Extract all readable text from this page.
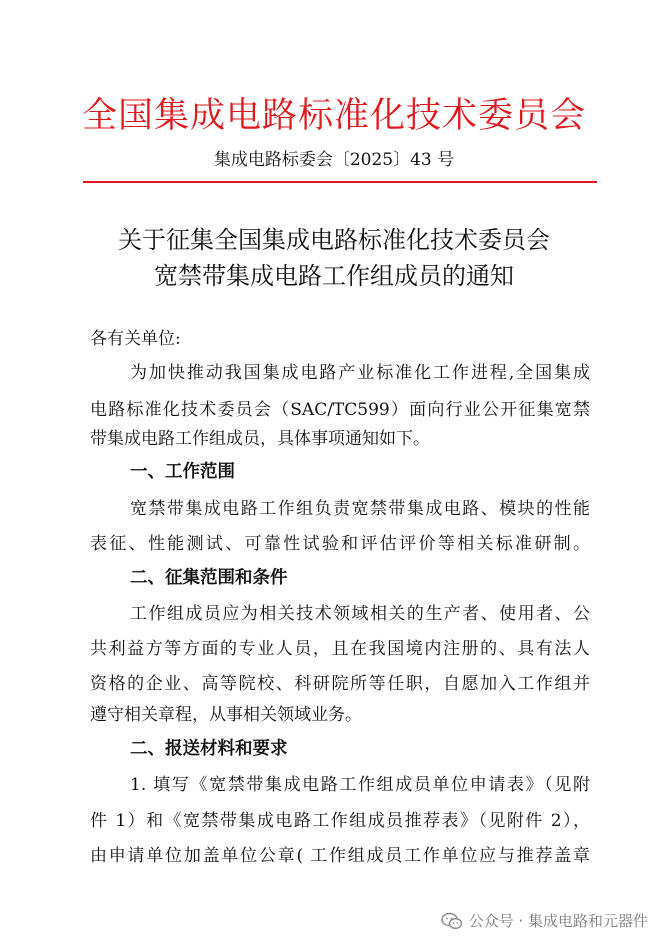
全国集成电路标准化技术委员会
集成电路标委会〔2025〕43 号
关于征集全国集成电路标准化技术委员会
宽禁带集成电路工作组成员的通知
各有关单位:
为加快推动我国集成电路产业标准化工作进程,全国集成
电路标准化技术委员会（SAC/TC599）面向行业公开征集宽禁
带集成电路工作组成员，具体事项通知如下。
一、工作范围
宽禁带集成电路工作组负责宽禁带集成电路、模块的性能
表征、性能测试、可靠性试验和评估评价等相关标准研制。
二、征集范围和条件
工作组成员应为相关技术领域相关的生产者、使用者、公
共利益方等方面的专业人员，且在我国境内注册的、具有法人
资格的企业、高等院校、科研院所等任职，自愿加入工作组并
遵守相关章程，从事相关领域业务。
二、报送材料和要求
1. 填写《宽禁带集成电路工作组成员单位申请表》（见附
件 1）和《宽禁带集成电路工作组成员推荐表》（见附件 2），
由申请单位加盖单位公章( 工作组成员工作单位应与推荐盖章
公众号 · 集成电路和元器件
